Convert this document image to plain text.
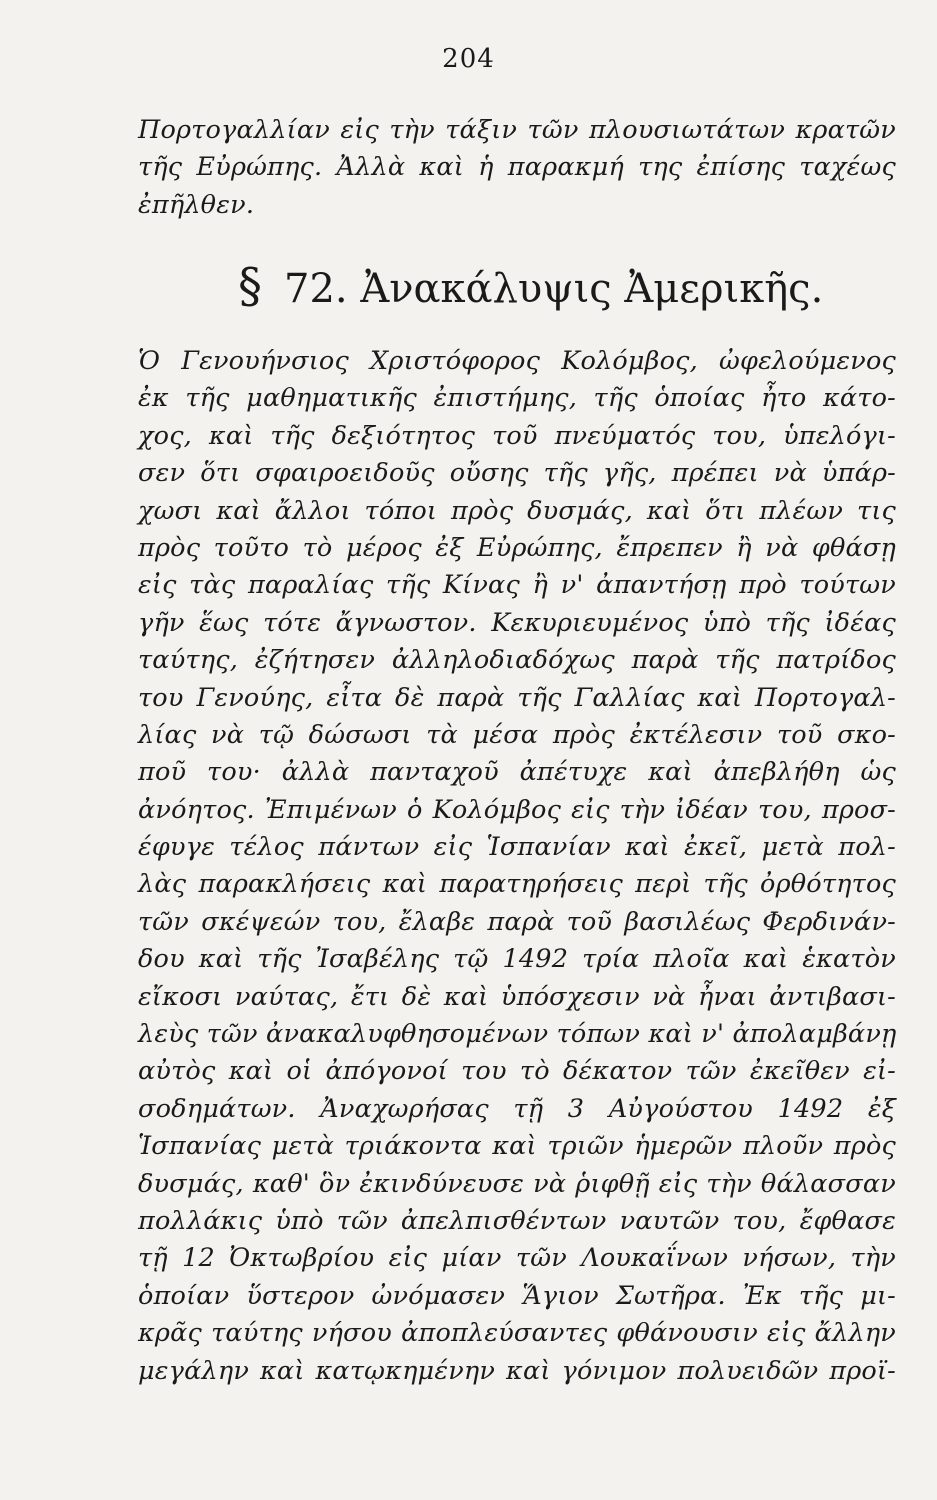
204
Πορτογαλλίαν εἰς τὴν τάξιν τῶν πλουσιωτάτων κρατῶν
τῆς Εὐρώπης. Ἀλλὰ καὶ ἡ παρακμή της ἐπίσης ταχέως
ἐπῆλθεν.
§ 72. Ἀνακάλυψις Ἀμερικῆς.
Ὁ Γενουήνσιος Χριστόφορος Κολόμβος, ὠφελούμενος
ἐκ τῆς μαθηματικῆς ἐπιστήμης, τῆς ὁποίας ἦτο κάτο-
χος, καὶ τῆς δεξιότητος τοῦ πνεύματός του, ὑπελόγι-
σεν ὅτι σφαιροειδοῦς οὔσης τῆς γῆς, πρέπει νὰ ὑπάρ-
χωσι καὶ ἄλλοι τόποι πρὸς δυσμάς, καὶ ὅτι πλέων τις
πρὸς τοῦτο τὸ μέρος ἐξ Εὐρώπης, ἔπρεπεν ἢ νὰ φθάσῃ
εἰς τὰς παραλίας τῆς Κίνας ἢ ν' ἀπαντήσῃ πρὸ τούτων
γῆν ἕως τότε ἄγνωστον. Κεκυριευμένος ὑπὸ τῆς ἰδέας
ταύτης, ἐζήτησεν ἀλληλοδιαδόχως παρὰ τῆς πατρίδος
του Γενούης, εἶτα δὲ παρὰ τῆς Γαλλίας καὶ Πορτογαλ-
λίας νὰ τῷ δώσωσι τὰ μέσα πρὸς ἐκτέλεσιν τοῦ σκο-
ποῦ του· ἀλλὰ πανταχοῦ ἀπέτυχε καὶ ἀπεβλήθη ὡς
ἀνόητος. Ἐπιμένων ὁ Κολόμβος εἰς τὴν ἰδέαν του, προσ-
έφυγε τέλος πάντων εἰς Ἱσπανίαν καὶ ἐκεῖ, μετὰ πολ-
λὰς παρακλήσεις καὶ παρατηρήσεις περὶ τῆς ὀρθότητος
τῶν σκέψεών του, ἔλαβε παρὰ τοῦ βασιλέως Φερδινάν-
δου καὶ τῆς Ἰσαβέλης τῷ 1492 τρία πλοῖα καὶ ἑκατὸν
εἴκοσι ναύτας, ἔτι δὲ καὶ ὑπόσχεσιν νὰ ἦναι ἀντιβασι-
λεὺς τῶν ἀνακαλυφθησομένων τόπων καὶ ν' ἀπολαμβάνῃ
αὐτὸς καὶ οἱ ἀπόγονοί του τὸ δέκατον τῶν ἐκεῖθεν εἰ-
σοδημάτων. Ἀναχωρήσας τῇ 3 Αὐγούστου 1492 ἐξ
Ἱσπανίας μετὰ τριάκοντα καὶ τριῶν ἡμερῶν πλοῦν πρὸς
δυσμάς, καθ' ὃν ἐκινδύνευσε νὰ ῥιφθῇ εἰς τὴν θάλασσαν
πολλάκις ὑπὸ τῶν ἀπελπισθέντων ναυτῶν του, ἔφθασε
τῇ 12 Ὀκτωβρίου εἰς μίαν τῶν Λουκαΐνων νήσων, τὴν
ὁποίαν ὕστερον ὠνόμασεν Ἅγιον Σωτῆρα. Ἐκ τῆς μι-
κρᾶς ταύτης νήσου ἀποπλεύσαντες φθάνουσιν εἰς ἄλλην
μεγάλην καὶ κατῳκημένην καὶ γόνιμον πολυειδῶν προϊ-
